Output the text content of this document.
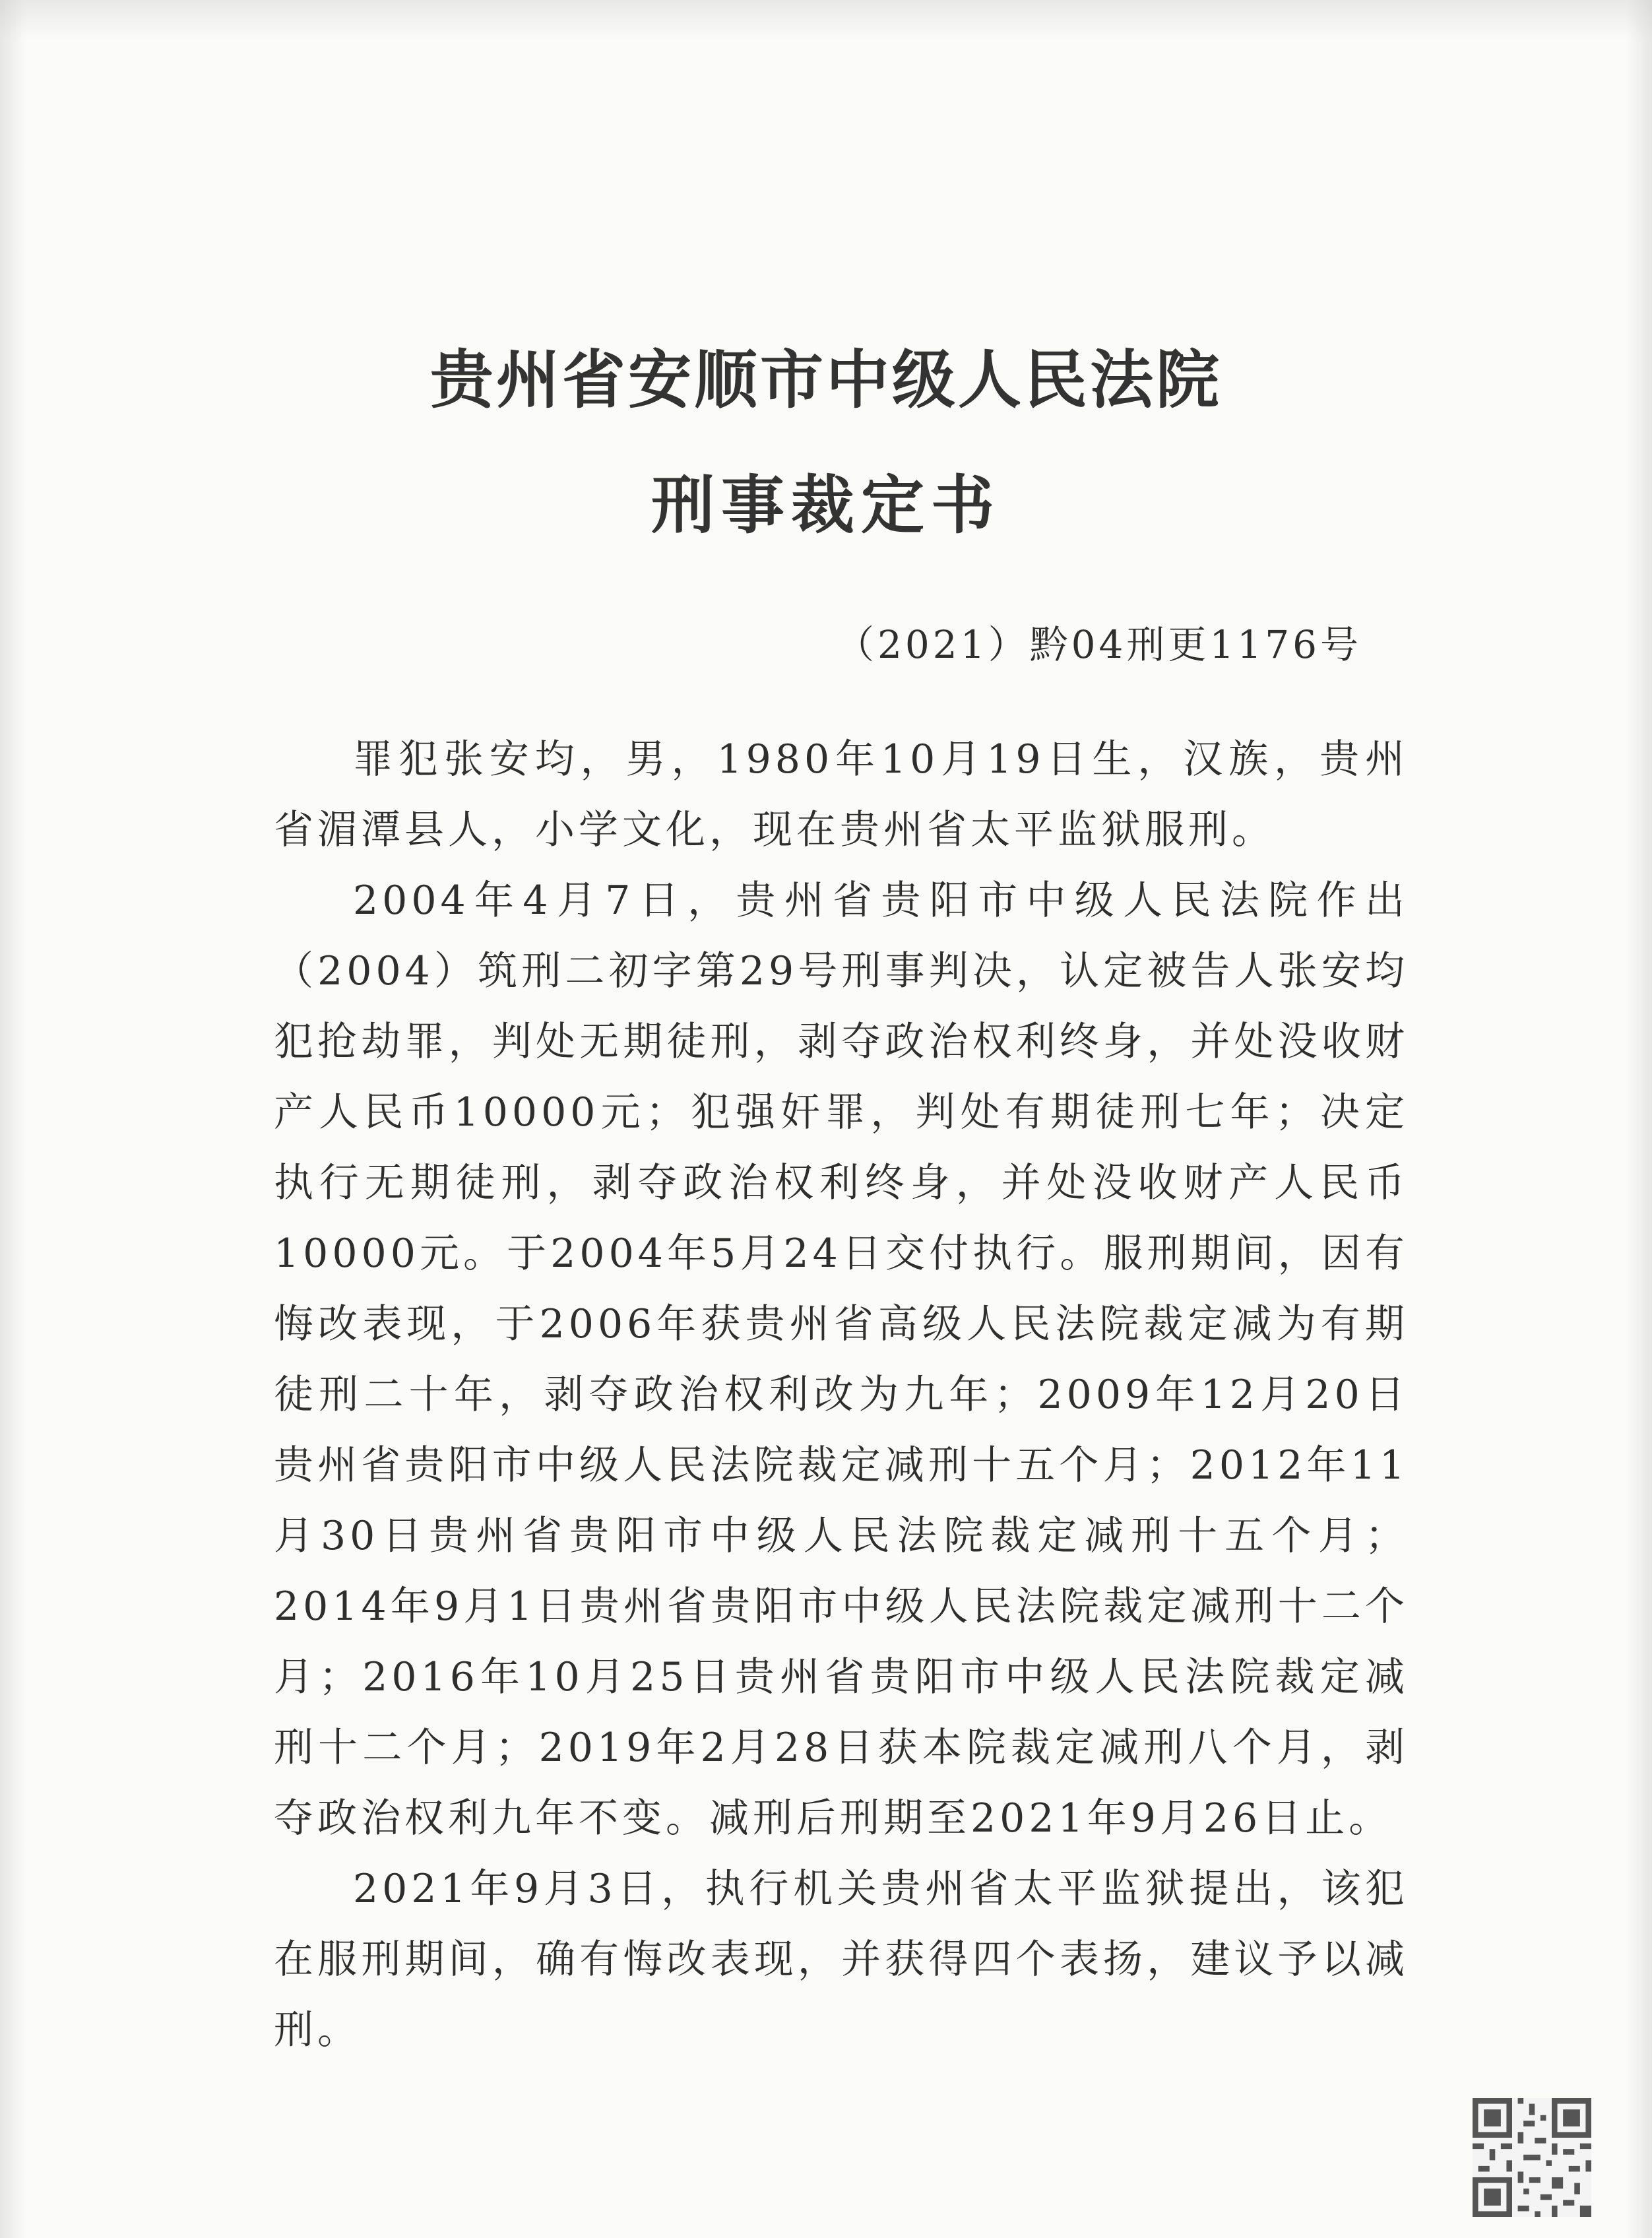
贵州省安顺市中级人民法院
刑事裁定书
（2021）黔04刑更1176号

罪犯张安均，男，1980年10月19日生，汉族，贵州省湄潭县人，小学文化，现在贵州省太平监狱服刑。

2004年4月7日，贵州省贵阳市中级人民法院作出（2004）筑刑二初字第29号刑事判决，认定被告人张安均犯抢劫罪，判处无期徒刑，剥夺政治权利终身，并处没收财产人民币10000元；犯强奸罪，判处有期徒刑七年；决定执行无期徒刑，剥夺政治权利终身，并处没收财产人民币10000元。于2004年5月24日交付执行。服刑期间，因有悔改表现，于2006年获贵州省高级人民法院裁定减为有期徒刑二十年，剥夺政治权利改为九年；2009年12月20日贵州省贵阳市中级人民法院裁定减刑十五个月；2012年11月30日贵州省贵阳市中级人民法院裁定减刑十五个月；2014年9月1日贵州省贵阳市中级人民法院裁定减刑十二个月；2016年10月25日贵州省贵阳市中级人民法院裁定减刑十二个月；2019年2月28日获本院裁定减刑八个月，剥夺政治权利九年不变。减刑后刑期至2021年9月26日止。

2021年9月3日，执行机关贵州省太平监狱提出，该犯在服刑期间，确有悔改表现，并获得四个表扬，建议予以减刑。
